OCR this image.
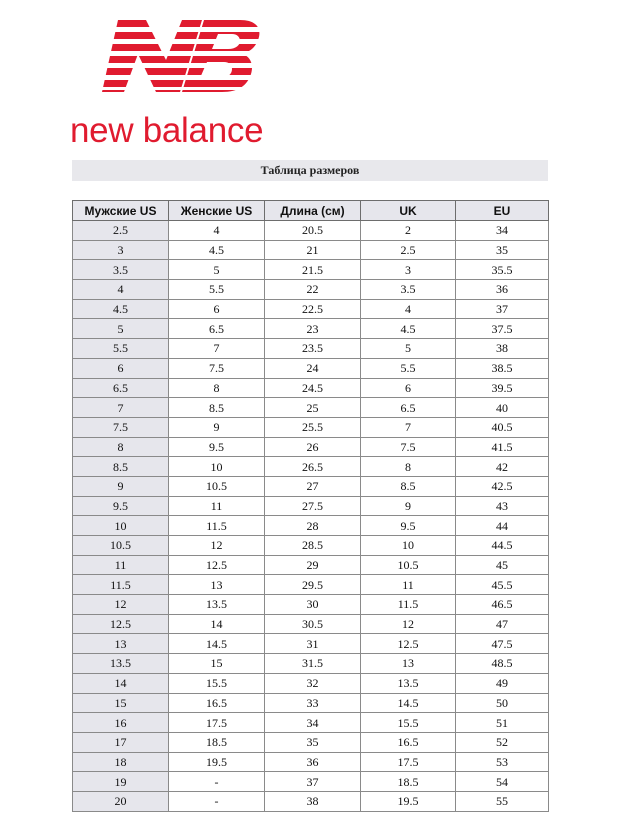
new balance
Таблица размеров
Мужские US	Женские US	Длина (см)	UK	EU
2.5	4	20.5	2	34
3	4.5	21	2.5	35
3.5	5	21.5	3	35.5
4	5.5	22	3.5	36
4.5	6	22.5	4	37
5	6.5	23	4.5	37.5
5.5	7	23.5	5	38
6	7.5	24	5.5	38.5
6.5	8	24.5	6	39.5
7	8.5	25	6.5	40
7.5	9	25.5	7	40.5
8	9.5	26	7.5	41.5
8.5	10	26.5	8	42
9	10.5	27	8.5	42.5
9.5	11	27.5	9	43
10	11.5	28	9.5	44
10.5	12	28.5	10	44.5
11	12.5	29	10.5	45
11.5	13	29.5	11	45.5
12	13.5	30	11.5	46.5
12.5	14	30.5	12	47
13	14.5	31	12.5	47.5
13.5	15	31.5	13	48.5
14	15.5	32	13.5	49
15	16.5	33	14.5	50
16	17.5	34	15.5	51
17	18.5	35	16.5	52
18	19.5	36	17.5	53
19	-	37	18.5	54
20	-	38	19.5	55
